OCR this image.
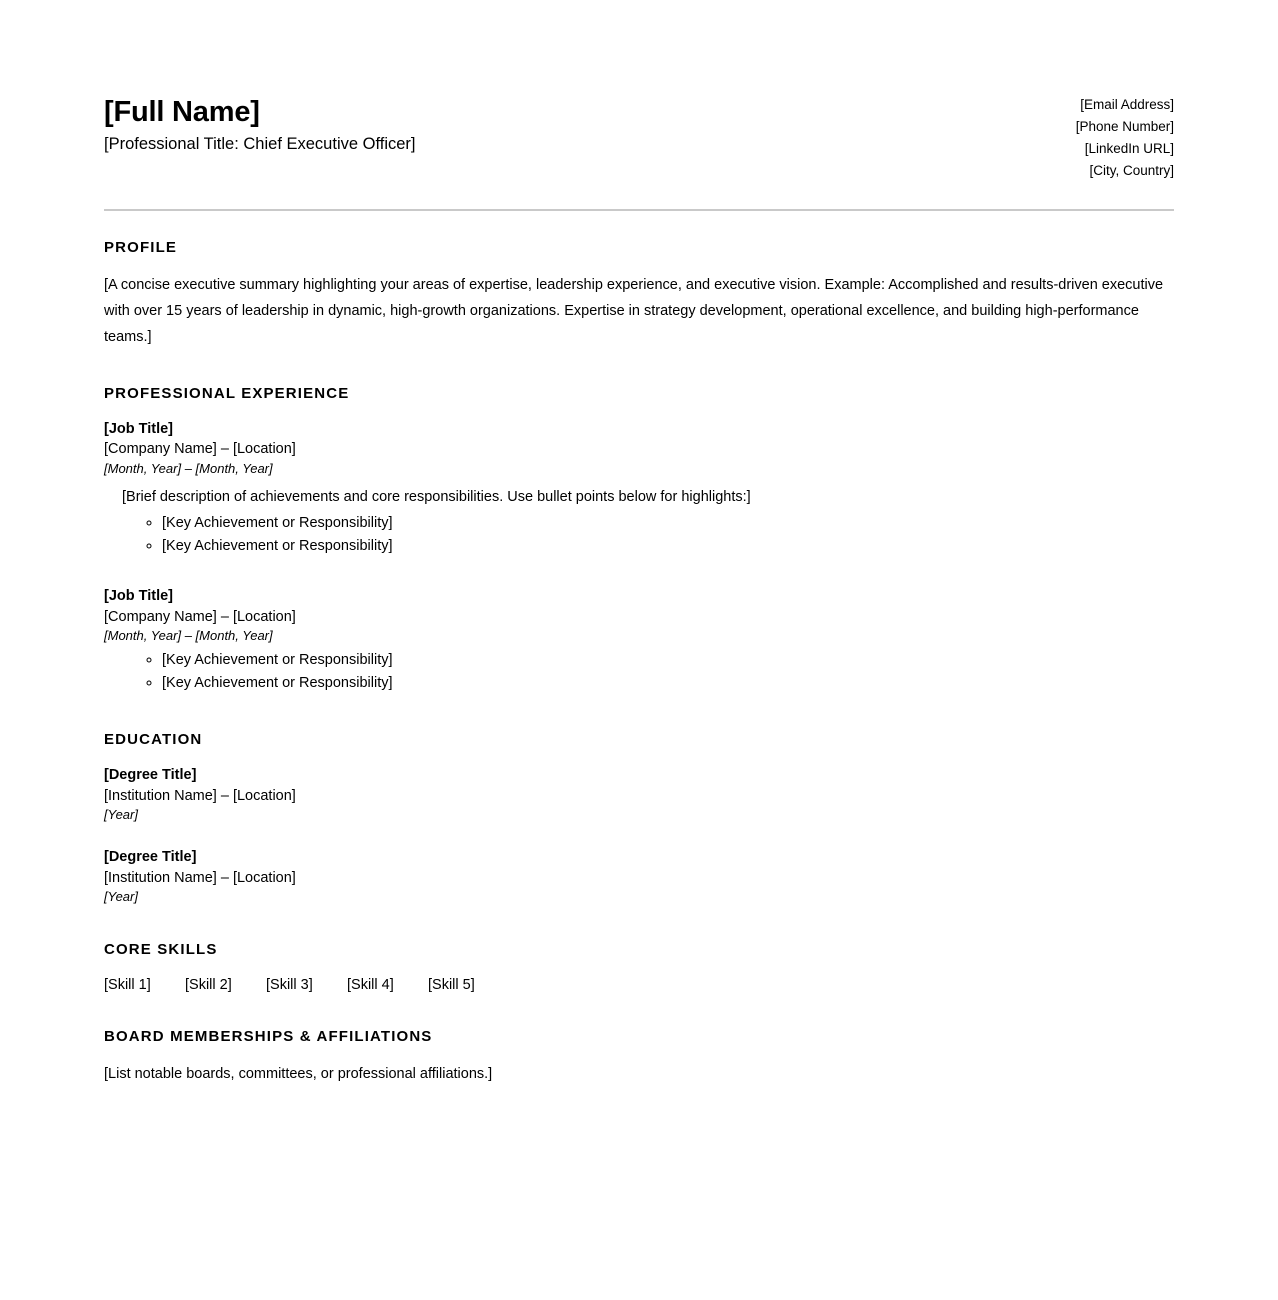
[Full Name]
[Professional Title: Chief Executive Officer]
[Email Address]
[Phone Number]
[LinkedIn URL]
[City, Country]
PROFILE

[A concise executive summary highlighting your areas of expertise, leadership experience, and executive vision. Example: Accomplished and results-driven executive with over 15 years of leadership in dynamic, high-growth organizations. Expertise in strategy development, operational excellence, and building high-performance teams.]

PROFESSIONAL EXPERIENCE
[Job Title]
[Company Name] – [Location]
[Month, Year] – [Month, Year]
[Brief description of achievements and core responsibilities. Use bullet points below for highlights:]
◦ [Key Achievement or Responsibility]
◦ [Key Achievement or Responsibility]
[Job Title]
[Company Name] – [Location]
[Month, Year] – [Month, Year]
◦ [Key Achievement or Responsibility]
◦ [Key Achievement or Responsibility]
EDUCATION
[Degree Title]
[Institution Name] – [Location]
[Year]
[Degree Title]
[Institution Name] – [Location]
[Year]
CORE SKILLS
[Skill 1]	[Skill 2]	[Skill 3]	[Skill 4]	[Skill 5]
BOARD MEMBERSHIPS & AFFILIATIONS

[List notable boards, committees, or professional affiliations.]
